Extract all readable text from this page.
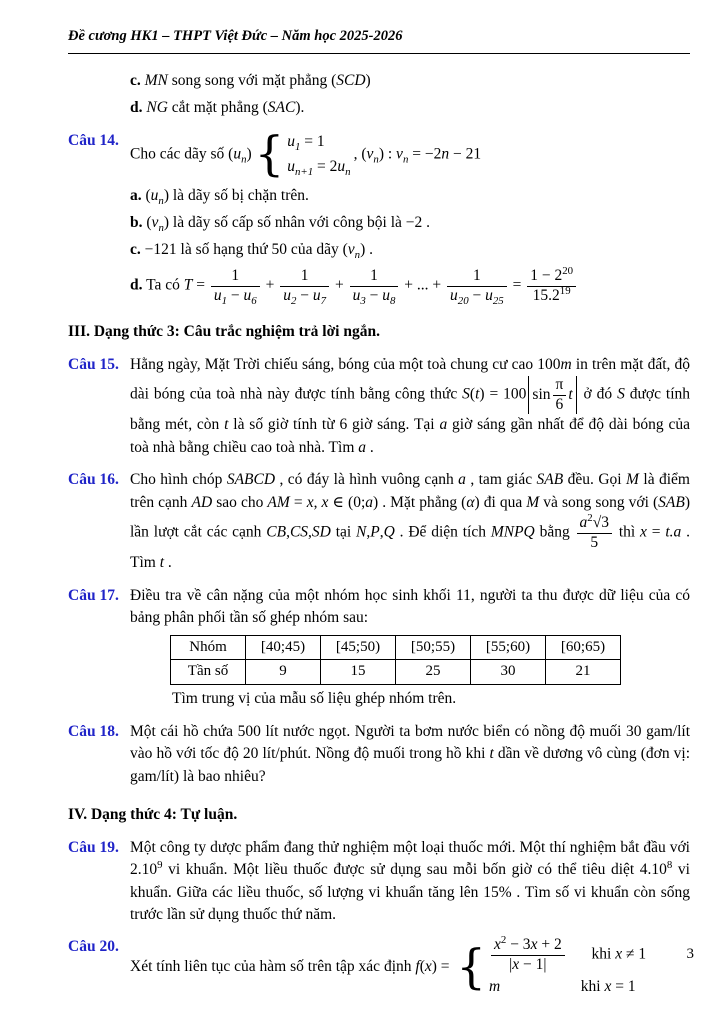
Đề cương HK1 – THPT Việt Đức – Năm học 2025-2026
c. MN song song với mặt phẳng (SCD)
d. NG cắt mặt phẳng (SAC).
Câu 14.
Cho các dãy số $(u_n)$ { $u_1 = 1$
$u_{n+1} = 2u_n$
, $(v_n)$ : $v_n = -2n - 21$
a. $(u_n)$ là dãy số bị chặn trên.
b. $(v_n)$ là dãy số cấp số nhân với công bội là −2 .
c. −121 là số hạng thứ 50 của dãy $(v_n)$ .
d. Ta có $T = \frac{1}{u_1 - u_6} + \frac{1}{u_2 - u_7} + \frac{1}{u_3 - u_8}$ + ... + $\frac{1}{u_{20} - u_{25}} = \frac{1 - 2^{20}}{15.2^{19}}$
III. Dạng thức 3: Câu trắc nghiệm trả lời ngắn.
Câu 15. Hằng ngày, Mặt Trời chiếu sáng, bóng của một toà chung cư cao 100m in trên mặt đất, độ dài bóng của toà nhà này được tính bằng công thức S(t) = 100 $\sin \frac{\pi}{6}$ t ở đó S được tính bằng mét, còn t là số giờ tính từ 6 giờ sáng. Tại a giờ sáng gần nhất để độ dài bóng của toà nhà bằng chiều cao toà nhà. Tìm a .
Câu 16. Cho hình chóp SABCD , có đáy là hình vuông cạnh a , tam giác SAB đều. Gọi M là điểm trên cạnh AD sao cho AM = x, x ∈ (0;a) . Mặt phẳng (α) đi qua M và song song với (SAB) lần lượt cắt các cạnh CB,CS,SD tại N,P,Q . Để diện tích MNPQ bằng $\frac{a^2√3}{5}$ thì x = t.a . Tìm t .
Câu 17. Điều tra về cân nặng của một nhóm học sinh khối 11, người ta thu được dữ liệu của có bảng phân phối tần số ghép nhóm sau:
Nhóm	[40;45)	[45;50)	[50;55)	[55;60)	[60;65)
Tần số	9	15	25	30	21
Tìm trung vị của mẫu số liệu ghép nhóm trên.
Câu 18. Một cái hồ chứa 500 lít nước ngọt. Người ta bơm nước biển có nồng độ muối 30 gam/lít vào hồ với tốc độ 20 lít/phút. Nồng độ muối trong hồ khi t dần về dương vô cùng (đơn vị: gam/lít) là bao nhiêu?
IV. Dạng thức 4: Tự luận.
Câu 19. Một công ty dược phẩm đang thử nghiệm một loại thuốc mới. Một thí nghiệm bắt đầu với 2.10$^9$ vi khuẩn. Một liều thuốc được sử dụng sau mỗi bốn giờ có thể tiêu diệt 4.10$^8$ vi khuẩn. Giữa các liều thuốc, số lượng vi khuẩn tăng lên 15% . Tìm số vi khuẩn còn sống trước lần sử dụng thuốc thứ năm.
Câu 20.
Xét tính liên tục của hàm số trên tập xác định f(x) = { $\frac{x^2 - 3x + 2}{|x - 1|}$ khi x ≠ 1
m	khi x = 1
3
